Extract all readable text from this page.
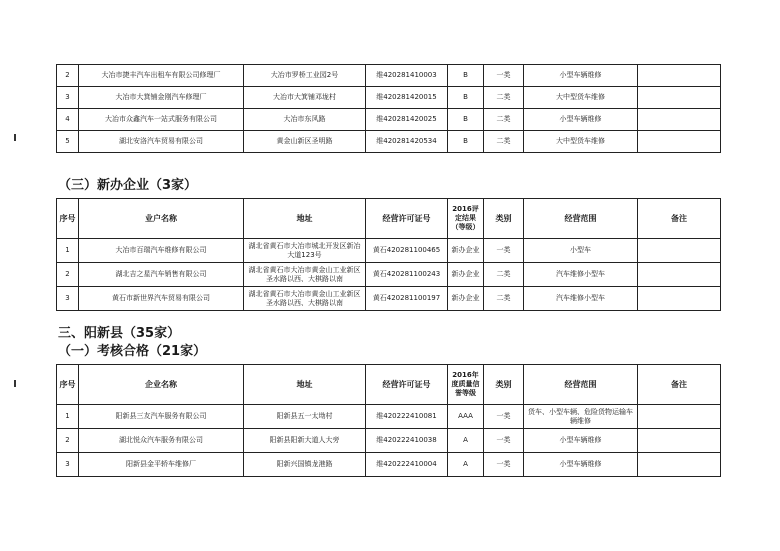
2	大冶市捷丰汽车出租车有限公司修理厂	大冶市罗桥工业园2号	维420281410003	B	一类	小型车辆维修	
3	大冶市大箕铺金刚汽车修理厂	大冶市大箕铺邓垅村	维420281420015	B	二类	大中型货车维修	
4	大冶市众鑫汽车一站式服务有限公司	大冶市东风路	维420281420025	B	二类	小型车辆维修	
5	湖北安洛汽车贸易有限公司	黄金山新区圣明路	维420281420534	B	二类	大中型货车维修	
（三）新办企业（3家）
序号	业户名称	地址	经营许可证号	2016评定结果（等级）	类别	经营范围	备注
1	大冶市百瑞汽车维修有限公司	湖北省黄石市大冶市城北开发区新冶大道123号	黄石420281100465	新办企业	一类	小型车	
2	湖北吉之星汽车销售有限公司	湖北省黄石市大冶市黄金山工业新区圣水路以西、大棋路以南	黄石420281100243	新办企业	二类	汽车维修小型车	
3	黄石市新世界汽车贸易有限公司	湖北省黄石市大冶市黄金山工业新区圣水路以西、大棋路以南	黄石420281100197	新办企业	二类	汽车维修小型车	
三、阳新县（35家）
（一）考核合格（21家）
序号	企业名称	地址	经营许可证号	2016年度质量信誉等级	类别	经营范围	备注
1	阳新县三友汽车服务有限公司	阳新县五一太坳村	维420222410081	AAA	一类	货车、小型车辆、危险货物运输车辆维修	
2	湖北悦众汽车服务有限公司	阳新县阳新大道人大旁	维420222410038	A	一类	小型车辆维修	
3	阳新县金平轿车维修厂	阳新兴国镇龙港路	维420222410004	A	一类	小型车辆维修	
